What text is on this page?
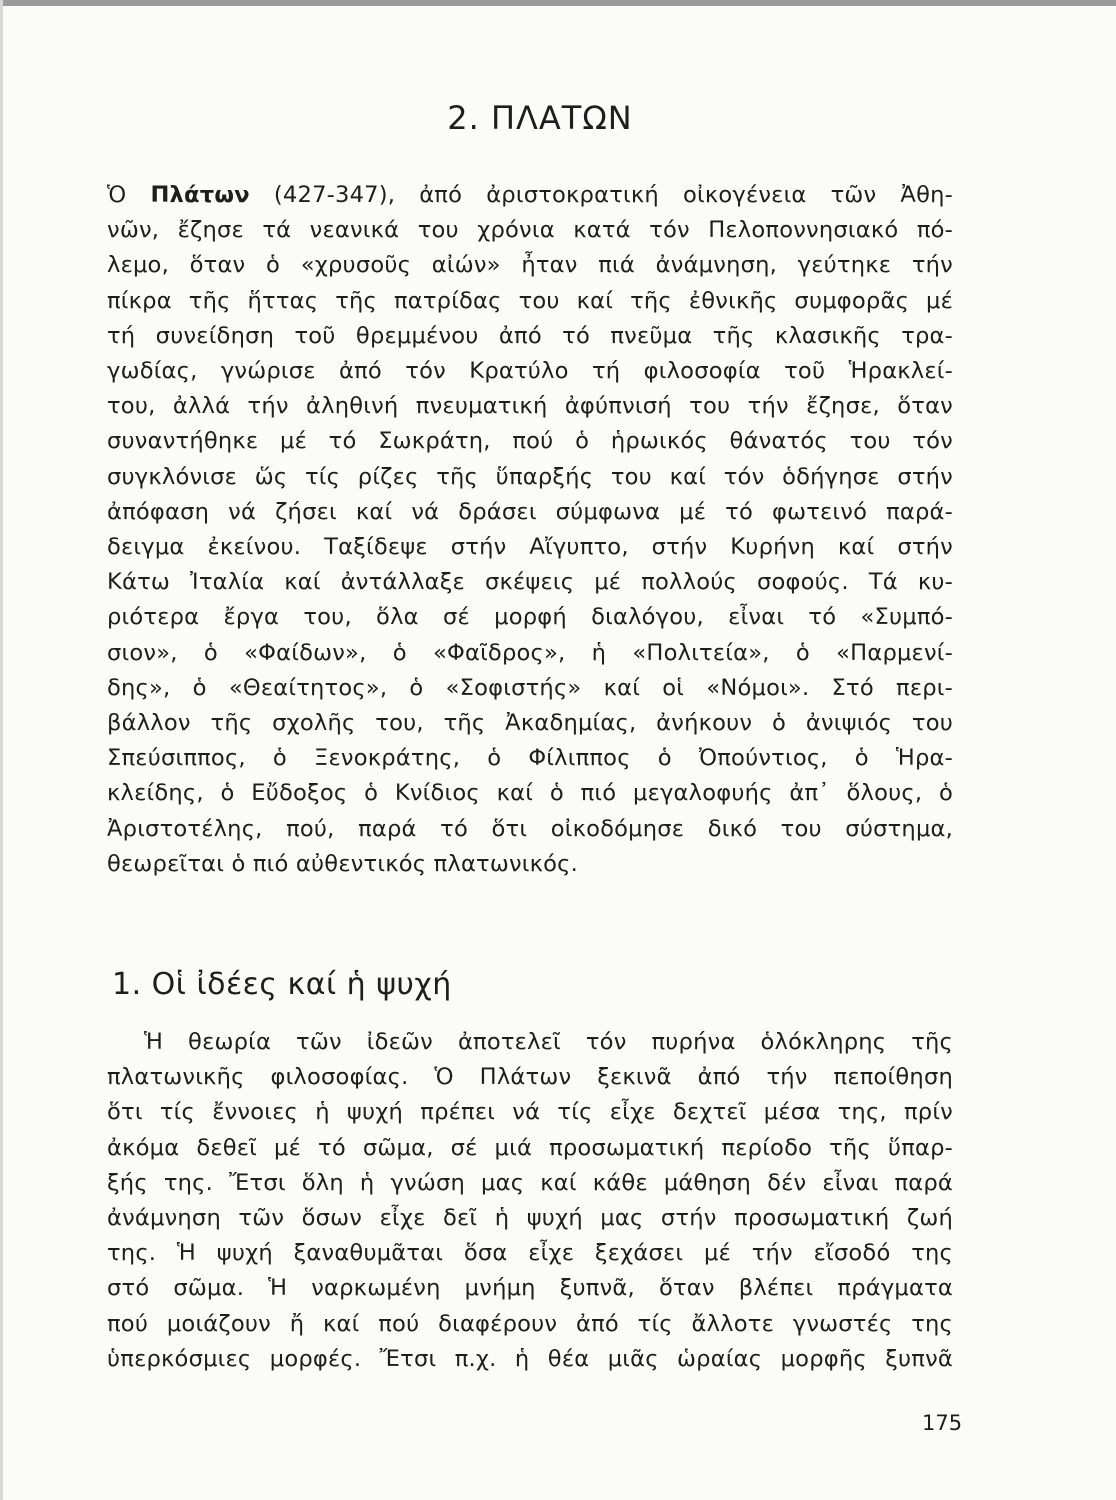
2. ΠΛΑΤΩΝ
Ὁ Πλάτων (427-347), ἀπό ἀριστοκρατική οἰκογένεια τῶν Ἀθη-
νῶν, ἔζησε τά νεανικά του χρόνια κατά τόν Πελοποννησιακό πό-
λεμο, ὅταν ὁ «χρυσοῦς αἰών» ἦταν πιά ἀνάμνηση, γεύτηκε τήν
πίκρα τῆς ἥττας τῆς πατρίδας του καί τῆς ἐθνικῆς συμφορᾶς μέ
τή συνείδηση τοῦ θρεμμένου ἀπό τό πνεῦμα τῆς κλασικῆς τρα-
γωδίας, γνώρισε ἀπό τόν Κρατύλο τή φιλοσοφία τοῦ Ἡρακλεί-
του, ἀλλά τήν ἀληθινή πνευματική ἀφύπνισή του τήν ἔζησε, ὅταν
συναντήθηκε μέ τό Σωκράτη, πού ὁ ἡρωικός θάνατός του τόν
συγκλόνισε ὥς τίς ρίζες τῆς ὕπαρξής του καί τόν ὁδήγησε στήν
ἀπόφαση νά ζήσει καί νά δράσει σύμφωνα μέ τό φωτεινό παρά-
δειγμα ἐκείνου. Ταξίδεψε στήν Αἴγυπτο, στήν Κυρήνη καί στήν
Κάτω Ἰταλία καί ἀντάλλαξε σκέψεις μέ πολλούς σοφούς. Τά κυ-
ριότερα ἔργα του, ὅλα σέ μορφή διαλόγου, εἶναι τό «Συμπό-
σιον», ὁ «Φαίδων», ὁ «Φαῖδρος», ἡ «Πολιτεία», ὁ «Παρμενί-
δης», ὁ «Θεαίτητος», ὁ «Σοφιστής» καί οἱ «Νόμοι». Στό περι-
βάλλον τῆς σχολῆς του, τῆς Ἀκαδημίας, ἀνήκουν ὁ ἀνιψιός του
Σπεύσιππος, ὁ Ξενοκράτης, ὁ Φίλιππος ὁ Ὀπούντιος, ὁ Ἡρα-
κλείδης, ὁ Εὔδοξος ὁ Κνίδιος καί ὁ πιό μεγαλοφυής ἀπ᾽ ὅλους, ὁ
Ἀριστοτέλης, πού, παρά τό ὅτι οἰκοδόμησε δικό του σύστημα,
θεωρεῖται ὁ πιό αὐθεντικός πλατωνικός.
1. Οἱ ἰδέες καί ἡ ψυχή
Ἡ θεωρία τῶν ἰδεῶν ἀποτελεῖ τόν πυρήνα ὁλόκληρης τῆς
πλατωνικῆς φιλοσοφίας. Ὁ Πλάτων ξεκινᾶ ἀπό τήν πεποίθηση
ὅτι τίς ἔννοιες ἡ ψυχή πρέπει νά τίς εἶχε δεχτεῖ μέσα της, πρίν
ἀκόμα δεθεῖ μέ τό σῶμα, σέ μιά προσωματική περίοδο τῆς ὕπαρ-
ξής της. Ἔτσι ὅλη ἡ γνώση μας καί κάθε μάθηση δέν εἶναι παρά
ἀνάμνηση τῶν ὅσων εἶχε δεῖ ἡ ψυχή μας στήν προσωματική ζωή
της. Ἡ ψυχή ξαναθυμᾶται ὅσα εἶχε ξεχάσει μέ τήν εἴσοδό της
στό σῶμα. Ἡ ναρκωμένη μνήμη ξυπνᾶ, ὅταν βλέπει πράγματα
πού μοιάζουν ἤ καί πού διαφέρουν ἀπό τίς ἄλλοτε γνωστές της
ὑπερκόσμιες μορφές. Ἔτσι π.χ. ἡ θέα μιᾶς ὡραίας μορφῆς ξυπνᾶ
175
